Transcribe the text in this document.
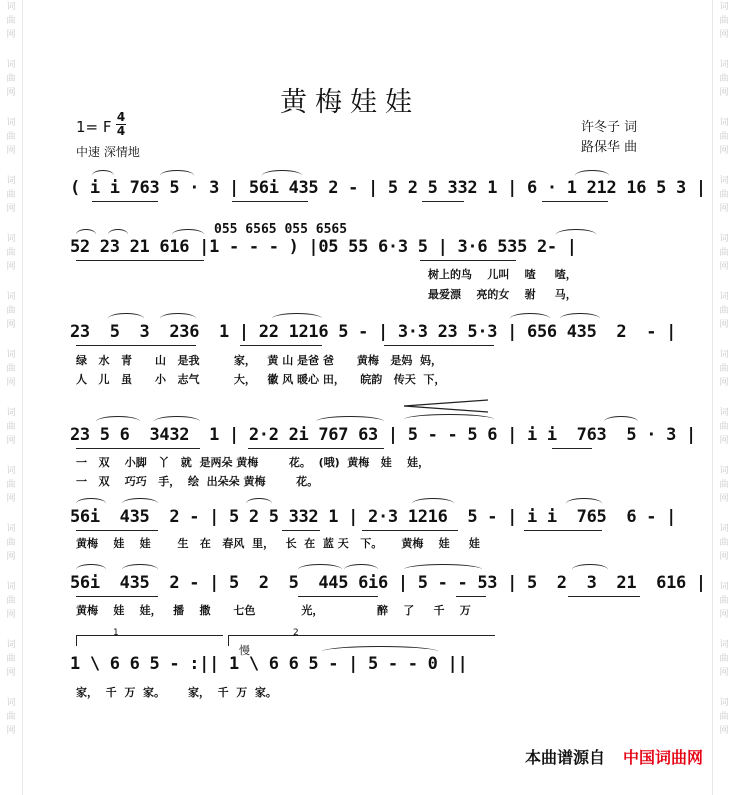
词
曲
网
词
曲
网
词
曲
网
词
曲
网
词
曲
网
词
曲
网
词
曲
网
词
曲
网
词
曲
网
词
曲
网
词
曲
网
词
曲
网
词
曲
网
词
曲
网
词
曲
网
词
曲
网
词
曲
网
词
曲
网
词
曲
网
词
曲
网
词
曲
网
词
曲
网
词
曲
网
词
曲
网
词
曲
网
词
曲
网
黄梅娃娃
1= F
4
4
中速 深情地
许冬子 词
路保华 曲

( i i 763 5 · 3 | 56i 435 2 - | 5 2 5 332 1 | 6 · 1 212 16 5 3 |

055 6565 055 6565

52 23 21 616 |1 - - - ) |05 55 6·3 5 | 3·6 535 2- |

树上的鸟    儿叫    喳     喳，
最爱漂    亮的女    驸     马，

23  5  3  236  1 | 22 1216 5 - | 3·3 23 5·3 | 656 435  2  - |

绿   水   青      山   是我         家，   黄 山 是爸 爸      黄梅   是妈  妈，
人   儿   虽      小   志气         大，   徽 风 暖心 田，    皖韵   传天  下，

23 5 6  3432  1 | 2·2 2i 767 63 | 5 - - 5 6 | i i  763  5 · 3 |

一   双    小脚   丫   就  是两朵 黄梅        花。  (哦)  黄梅   娃    娃，
一   双    巧巧   手，  绘  出朵朵 黄梅        花。

56i  435  2 - | 5 2 5 332 1 | 2·3 1216  5 - | i i  765  6 - |

黄梅    娃    娃       生   在   春风  里，   长  在  蓝 天   下。     黄梅    娃     娃

56i  435  2 - | 5  2  5  445 6i6 | 5 - - 53 | 5  2  3  21  616 |

黄梅    娃    娃，   播    撒      七色            光，              醉    了     千    万
1	2
慢

1 \ 6 6 5 - :|| 1 \ 6 6 5 - | 5 - - 0 ||

家，  千  万  家。      家，  千  万  家。
本曲谱源自 中国词曲网
